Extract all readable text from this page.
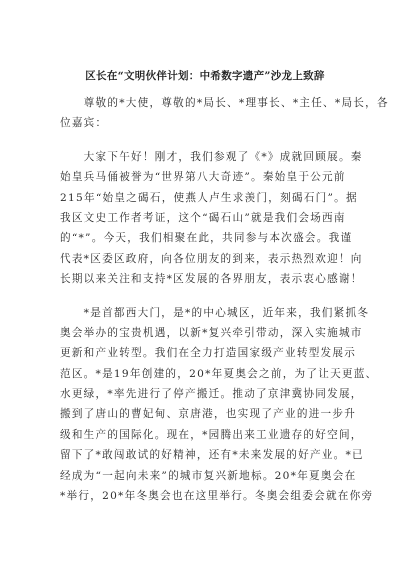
区长在“文明伙伴计划：中希数字遗产”沙龙上致辞
　　尊敬的*大使，尊敬的*局长、*理事长、*主任、*局长，各
位嘉宾：
　　大家下午好！刚才，我们参观了《*》成就回顾展。秦
始皇兵马俑被誉为“世界第八大奇迹”。秦始皇于公元前
215年“始皇之碣石，使燕人卢生求羡门，刻碣石门”。据
我区文史工作者考证，这个“碣石山”就是我们会场西南
的“*”。今天，我们相聚在此，共同参与本次盛会。我谨
代表*区委区政府，向各位朋友的到来，表示热烈欢迎！向
长期以来关注和支持*区发展的各界朋友，表示衷心感谢！
　　*是首都西大门，是*的中心城区，近年来，我们紧抓冬
奥会举办的宝贵机遇，以新*复兴牵引带动，深入实施城市
更新和产业转型。我们在全力打造国家级产业转型发展示
范区。*是19年创建的，20*年夏奥会之前，为了让天更蓝、
水更绿，*率先进行了停产搬迁。推动了京津冀协同发展，
搬到了唐山的曹妃甸、京唐港，也实现了产业的进一步升
级和生产的国际化。现在，*园腾出来工业遗存的好空间，
留下了*敢闯敢试的好精神，还有*未来发展的好产业。*已
经成为“一起向未来”的城市复兴新地标。20*年夏奥会在
*举行，20*年冬奥会也在这里举行。冬奥会组委会就在你旁
